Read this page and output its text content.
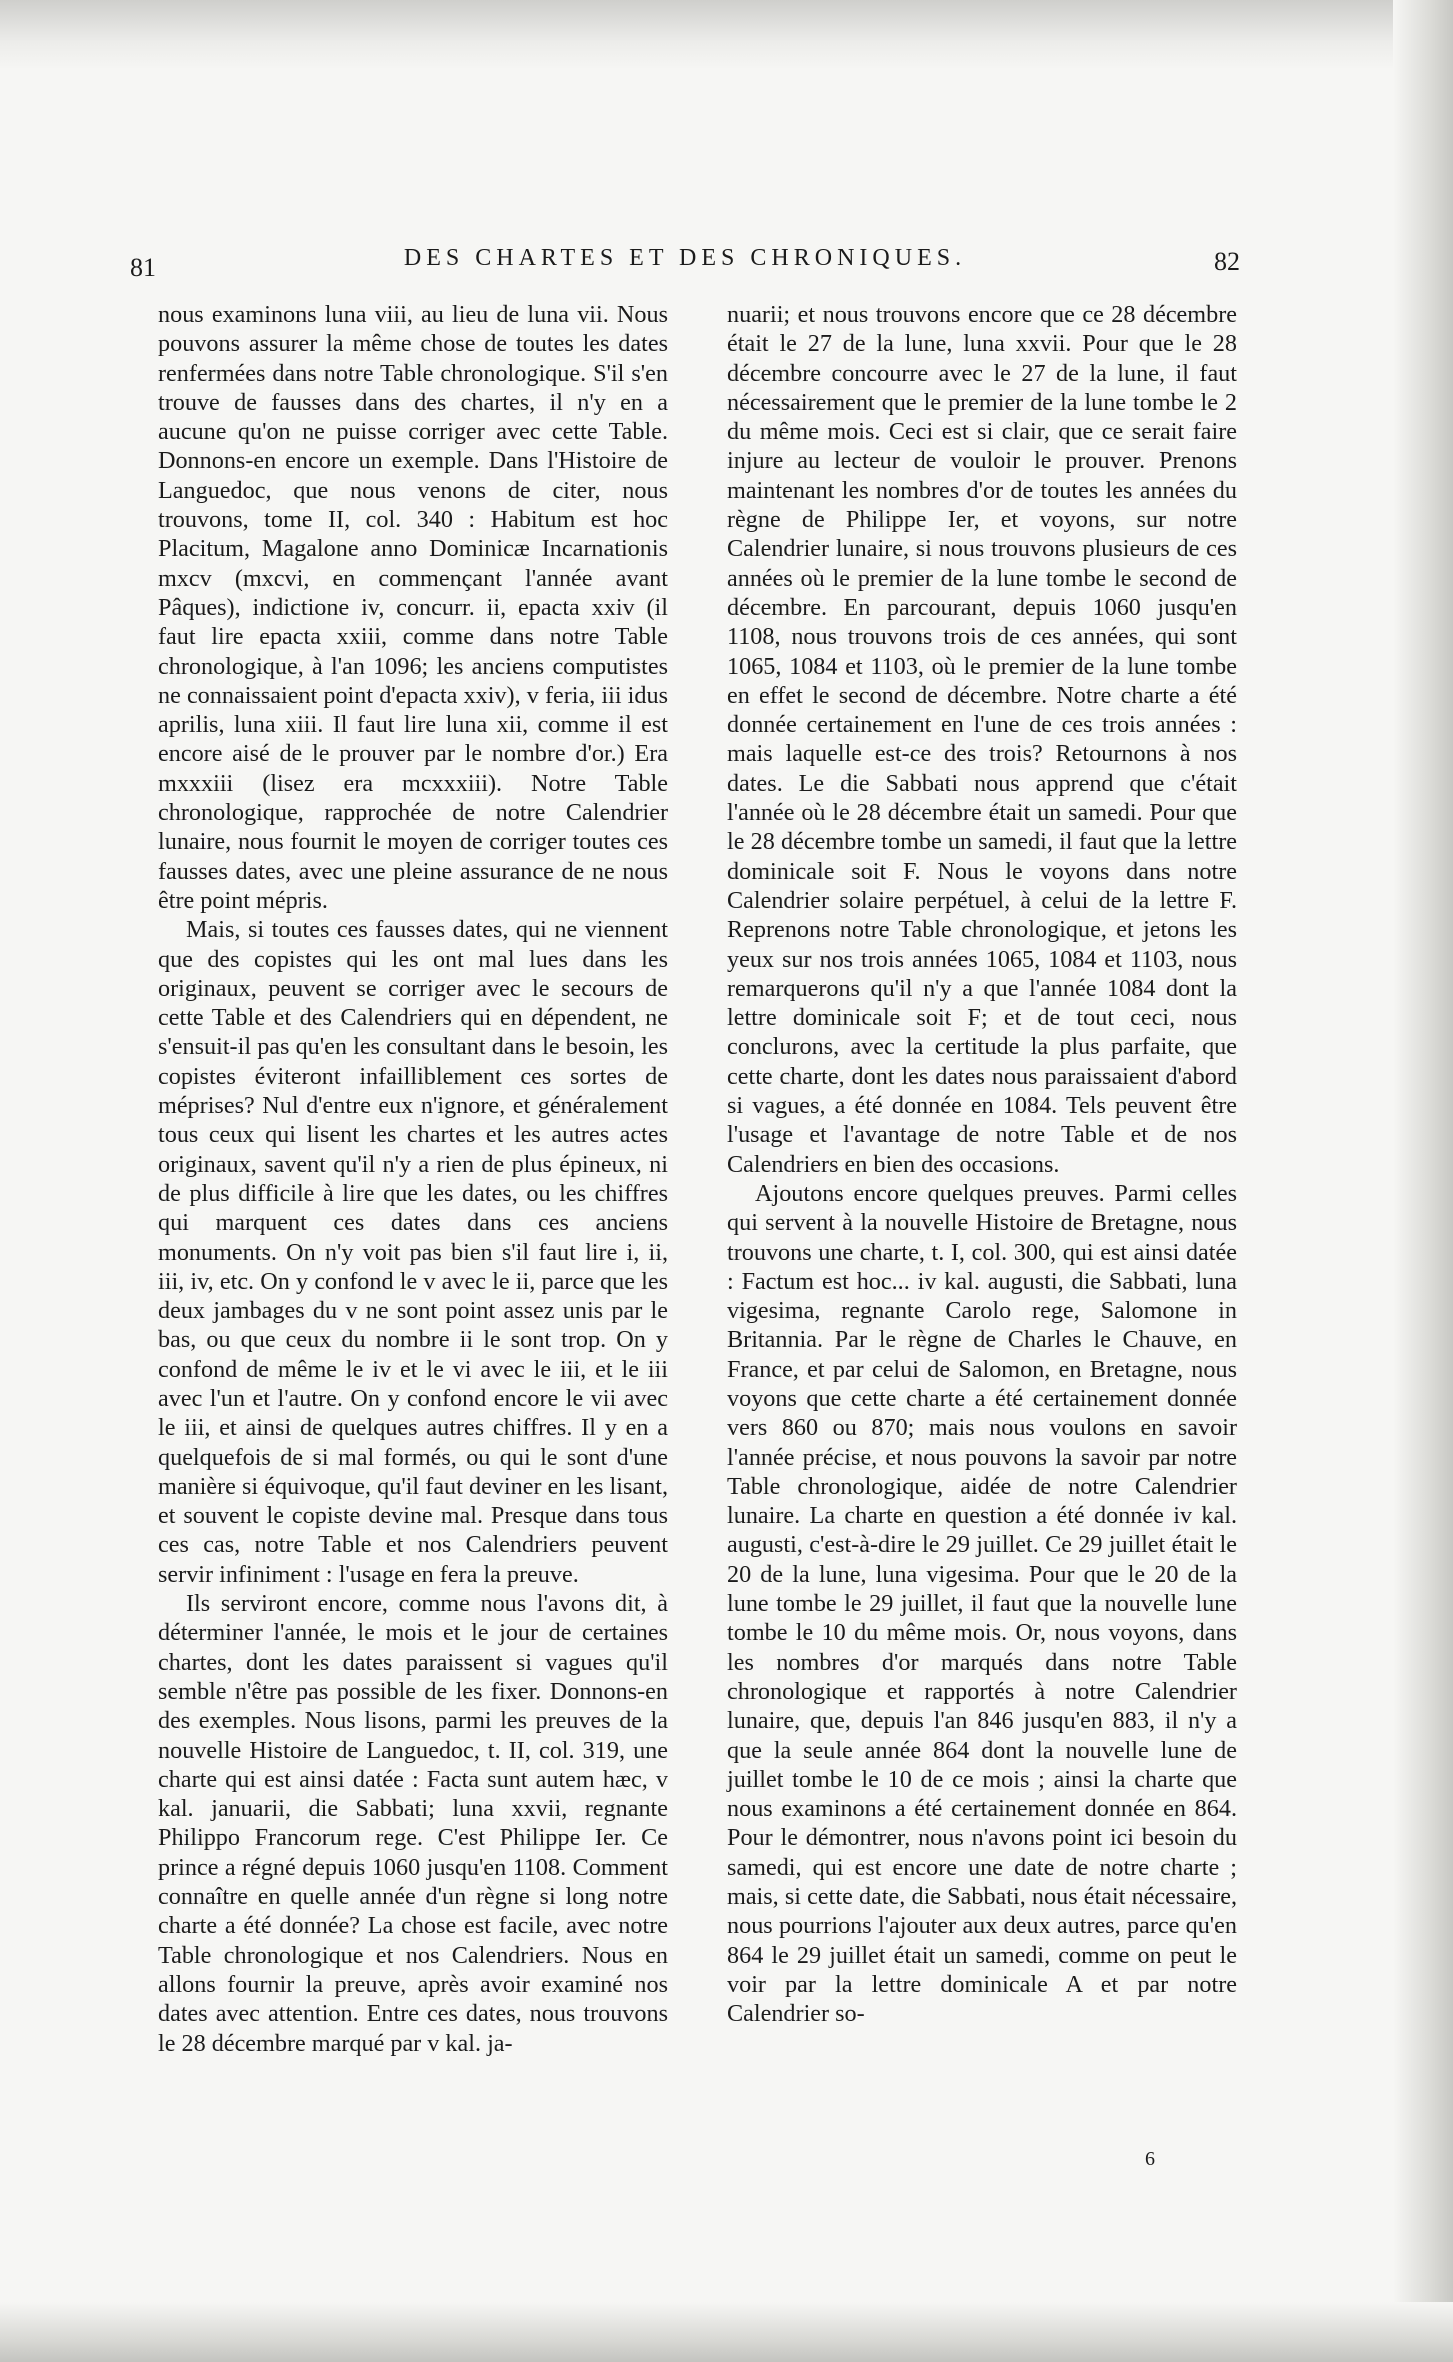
81	DES CHARTES ET DES CHRONIQUES.	82

nous examinons luna viii, au lieu de luna vii. Nous pouvons assurer la même chose de toutes les dates renfermées dans notre Table chronologique. S'il s'en trouve de fausses dans des chartes, il n'y en a aucune qu'on ne puisse corriger avec cette Table. Donnons-en encore un exemple. Dans l'Histoire de Languedoc, que nous venons de citer, nous trouvons, tome II, col. 340 : Habitum est hoc Placitum, Magalone anno Dominicæ Incarnationis mxcv (mxcvi, en commençant l'année avant Pâques), indictione iv, concurr. ii, epacta xxiv (il faut lire epacta xxiii, comme dans notre Table chronologique, à l'an 1096; les anciens computistes ne connaissaient point d'epacta xxiv), v feria, iii idus aprilis, luna xiii. Il faut lire luna xii, comme il est encore aisé de le prouver par le nombre d'or.) Era mxxxiii (lisez era mcxxxiii). Notre Table chronologique, rapprochée de notre Calendrier lunaire, nous fournit le moyen de corriger toutes ces fausses dates, avec une pleine assurance de ne nous être point mépris.

Mais, si toutes ces fausses dates, qui ne viennent que des copistes qui les ont mal lues dans les originaux, peuvent se corriger avec le secours de cette Table et des Calendriers qui en dépendent, ne s'ensuit-il pas qu'en les consultant dans le besoin, les copistes éviteront infailliblement ces sortes de méprises? Nul d'entre eux n'ignore, et généralement tous ceux qui lisent les chartes et les autres actes originaux, savent qu'il n'y a rien de plus épineux, ni de plus difficile à lire que les dates, ou les chiffres qui marquent ces dates dans ces anciens monuments. On n'y voit pas bien s'il faut lire i, ii, iii, iv, etc. On y confond le v avec le ii, parce que les deux jambages du v ne sont point assez unis par le bas, ou que ceux du nombre ii le sont trop. On y confond de même le iv et le vi avec le iii, et le iii avec l'un et l'autre. On y confond encore le vii avec le iii, et ainsi de quelques autres chiffres. Il y en a quelquefois de si mal formés, ou qui le sont d'une manière si équivoque, qu'il faut deviner en les lisant, et souvent le copiste devine mal. Presque dans tous ces cas, notre Table et nos Calendriers peuvent servir infiniment : l'usage en fera la preuve.

Ils serviront encore, comme nous l'avons dit, à déterminer l'année, le mois et le jour de certaines chartes, dont les dates paraissent si vagues qu'il semble n'être pas possible de les fixer. Donnons-en des exemples. Nous lisons, parmi les preuves de la nouvelle Histoire de Languedoc, t. II, col. 319, une charte qui est ainsi datée : Facta sunt autem hæc, v kal. januarii, die Sabbati; luna xxvii, regnante Philippo Francorum rege. C'est Philippe Ier. Ce prince a régné depuis 1060 jusqu'en 1108. Comment connaître en quelle année d'un règne si long notre charte a été donnée? La chose est facile, avec notre Table chronologique et nos Calendriers. Nous en allons fournir la preuve, après avoir examiné nos dates avec attention. Entre ces dates, nous trouvons le 28 décembre marqué par v kal. ja-

nuarii; et nous trouvons encore que ce 28 décembre était le 27 de la lune, luna xxvii. Pour que le 28 décembre concourre avec le 27 de la lune, il faut nécessairement que le premier de la lune tombe le 2 du même mois. Ceci est si clair, que ce serait faire injure au lecteur de vouloir le prouver. Prenons maintenant les nombres d'or de toutes les années du règne de Philippe Ier, et voyons, sur notre Calendrier lunaire, si nous trouvons plusieurs de ces années où le premier de la lune tombe le second de décembre. En parcourant, depuis 1060 jusqu'en 1108, nous trouvons trois de ces années, qui sont 1065, 1084 et 1103, où le premier de la lune tombe en effet le second de décembre. Notre charte a été donnée certainement en l'une de ces trois années : mais laquelle est-ce des trois? Retournons à nos dates. Le die Sabbati nous apprend que c'était l'année où le 28 décembre était un samedi. Pour que le 28 décembre tombe un samedi, il faut que la lettre dominicale soit F. Nous le voyons dans notre Calendrier solaire perpétuel, à celui de la lettre F. Reprenons notre Table chronologique, et jetons les yeux sur nos trois années 1065, 1084 et 1103, nous remarquerons qu'il n'y a que l'année 1084 dont la lettre dominicale soit F; et de tout ceci, nous conclurons, avec la certitude la plus parfaite, que cette charte, dont les dates nous paraissaient d'abord si vagues, a été donnée en 1084. Tels peuvent être l'usage et l'avantage de notre Table et de nos Calendriers en bien des occasions.

Ajoutons encore quelques preuves. Parmi celles qui servent à la nouvelle Histoire de Bretagne, nous trouvons une charte, t. I, col. 300, qui est ainsi datée : Factum est hoc... iv kal. augusti, die Sabbati, luna vigesima, regnante Carolo rege, Salomone in Britannia. Par le règne de Charles le Chauve, en France, et par celui de Salomon, en Bretagne, nous voyons que cette charte a été certainement donnée vers 860 ou 870; mais nous voulons en savoir l'année précise, et nous pouvons la savoir par notre Table chronologique, aidée de notre Calendrier lunaire. La charte en question a été donnée iv kal. augusti, c'est-à-dire le 29 juillet. Ce 29 juillet était le 20 de la lune, luna vigesima. Pour que le 20 de la lune tombe le 29 juillet, il faut que la nouvelle lune tombe le 10 du même mois. Or, nous voyons, dans les nombres d'or marqués dans notre Table chronologique et rapportés à notre Calendrier lunaire, que, depuis l'an 846 jusqu'en 883, il n'y a que la seule année 864 dont la nouvelle lune de juillet tombe le 10 de ce mois ; ainsi la charte que nous examinons a été certainement donnée en 864. Pour le démontrer, nous n'avons point ici besoin du samedi, qui est encore une date de notre charte ; mais, si cette date, die Sabbati, nous était nécessaire, nous pourrions l'ajouter aux deux autres, parce qu'en 864 le 29 juillet était un samedi, comme on peut le voir par la lettre dominicale A et par notre Calendrier so-

6
